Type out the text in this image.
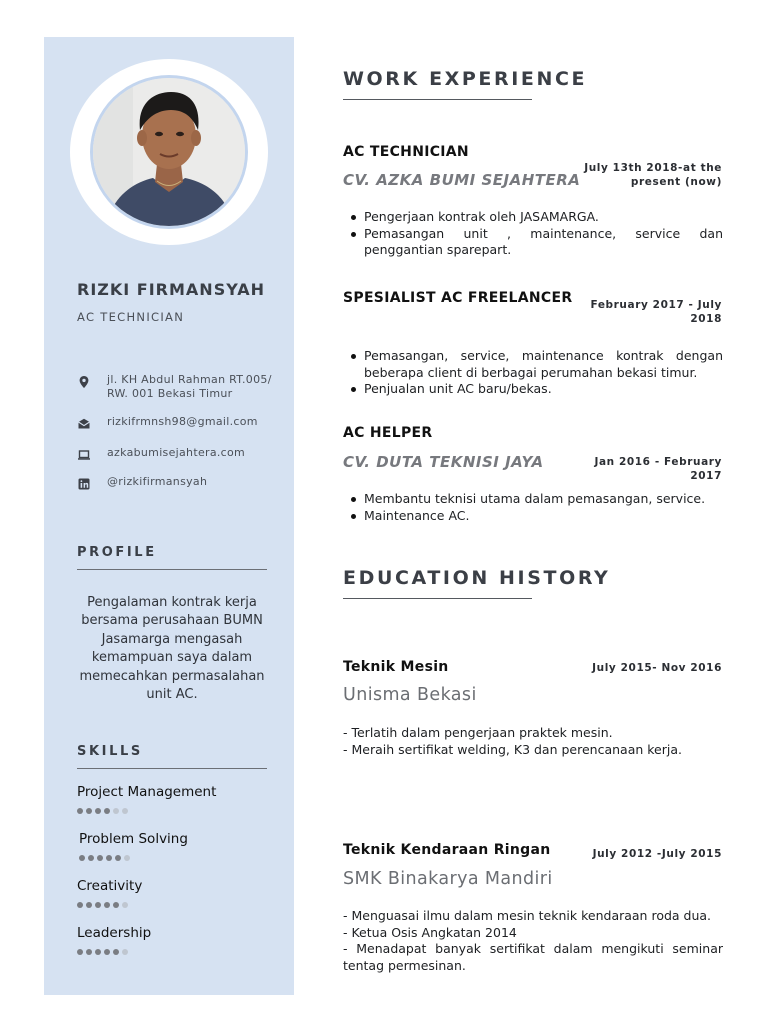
RIZKI FIRMANSYAH
AC TECHNICIAN
jl. KH Abdul Rahman RT.005/ RW. 001 Bekasi Timur
rizkifrmnsh98@gmail.com
azkabumisejahtera.com
@rizkifirmansyah
PROFILE
Pengalaman kontrak kerja bersama perusahaan BUMN Jasamarga mengasah kemampuan saya dalam memecahkan permasalahan unit AC.
SKILLS
Project Management
Problem Solving
Creativity
Leadership
WORK EXPERIENCE
AC TECHNICIAN
CV. AZKA BUMI SEJAHTERA
July 13th 2018-at the
present (now)
Pengerjaan kontrak oleh JASAMARGA.
Pemasangan unit , maintenance, service dan penggantian sparepart.
SPESIALIST AC FREELANCER February 2017 - July
2018
Pemasangan, service, maintenance kontrak dengan beberapa client di berbagai perumahan bekasi timur.
Penjualan unit AC baru/bekas.
AC HELPER
CV. DUTA TEKNISI JAYA	Jan 2016 - February
2017
Membantu teknisi utama dalam pemasangan, service.
Maintenance AC.
EDUCATION HISTORY
Teknik Mesin	July 2015- Nov 2016
Unisma Bekasi
- Terlatih dalam pengerjaan praktek mesin.
- Meraih sertifikat welding, K3 dan perencanaan kerja.
Teknik Kendaraan Ringan	July 2012 -July 2015
SMK Binakarya Mandiri
- Menguasai ilmu dalam mesin teknik kendaraan roda dua.
- Ketua Osis Angkatan 2014
- Menadapat banyak sertifikat dalam mengikuti seminar tentag permesinan.
